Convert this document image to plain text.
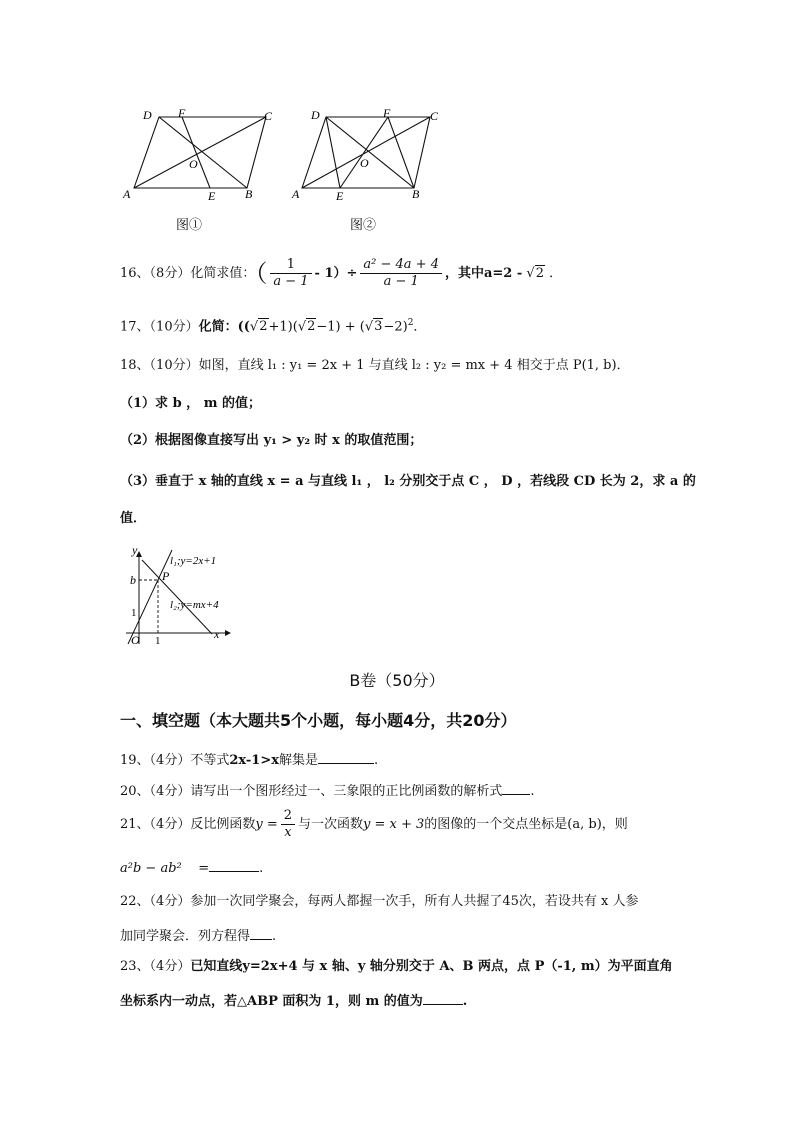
D F	C
O
A	E B
图①
D	F	C
O
A	E	B
图②
16、（8分）化简求值：（ $\frac{1}{a - 1} - 1)\div \frac{\text{a² − 4a + 4}}{a - 1}$ ，其中a=2 - √2 ．
17、（10分）化简：($(√2+1)(√2-1) + (√3-2)^2$．
18、（10分）如图，直线 l₁ : y₁ = 2x + 1 与直线 l₂ : y₂ = mx + 4 相交于点 P(1, b)．
（1）求 b ， m 的值；
（2）根据图像直接写出 y₁ > y₂ 时 x 的取值范围；
（3）垂直于 x 轴的直线 x = a 与直线 l₁ ， l₂ 分别交于点 C ， D ，若线段 CD 长为 2，求 a 的
值．
y
x
O
b
1
1
P
l₁;y=2x+1
l₂;y=mx+4
B卷（50分）
一、填空题（本大题共5个小题，每小题4分，共20分）
19、（4分）不等式2x-1>x解集是	.
20、（4分）请写出一个图形经过一、三象限的正比例函数的解析式 .
21、（4分）反比例函数$y = \frac{2}{x}$ 与一次函数y = x + 3的图像的一个交点坐标是(a, b)，则
a²b − ab² =	.
22、（4分）参加一次同学聚会，每两人都握一次手，所有人共握了45次，若设共有 x 人参
加同学聚会．列方程得 .
23、（4分）已知直线y=2x+4 与 x 轴、y 轴分别交于 A、B 两点，点 P（-1, m）为平面直角
坐标系内一动点，若△ABP 面积为 1，则 m 的值为	.
